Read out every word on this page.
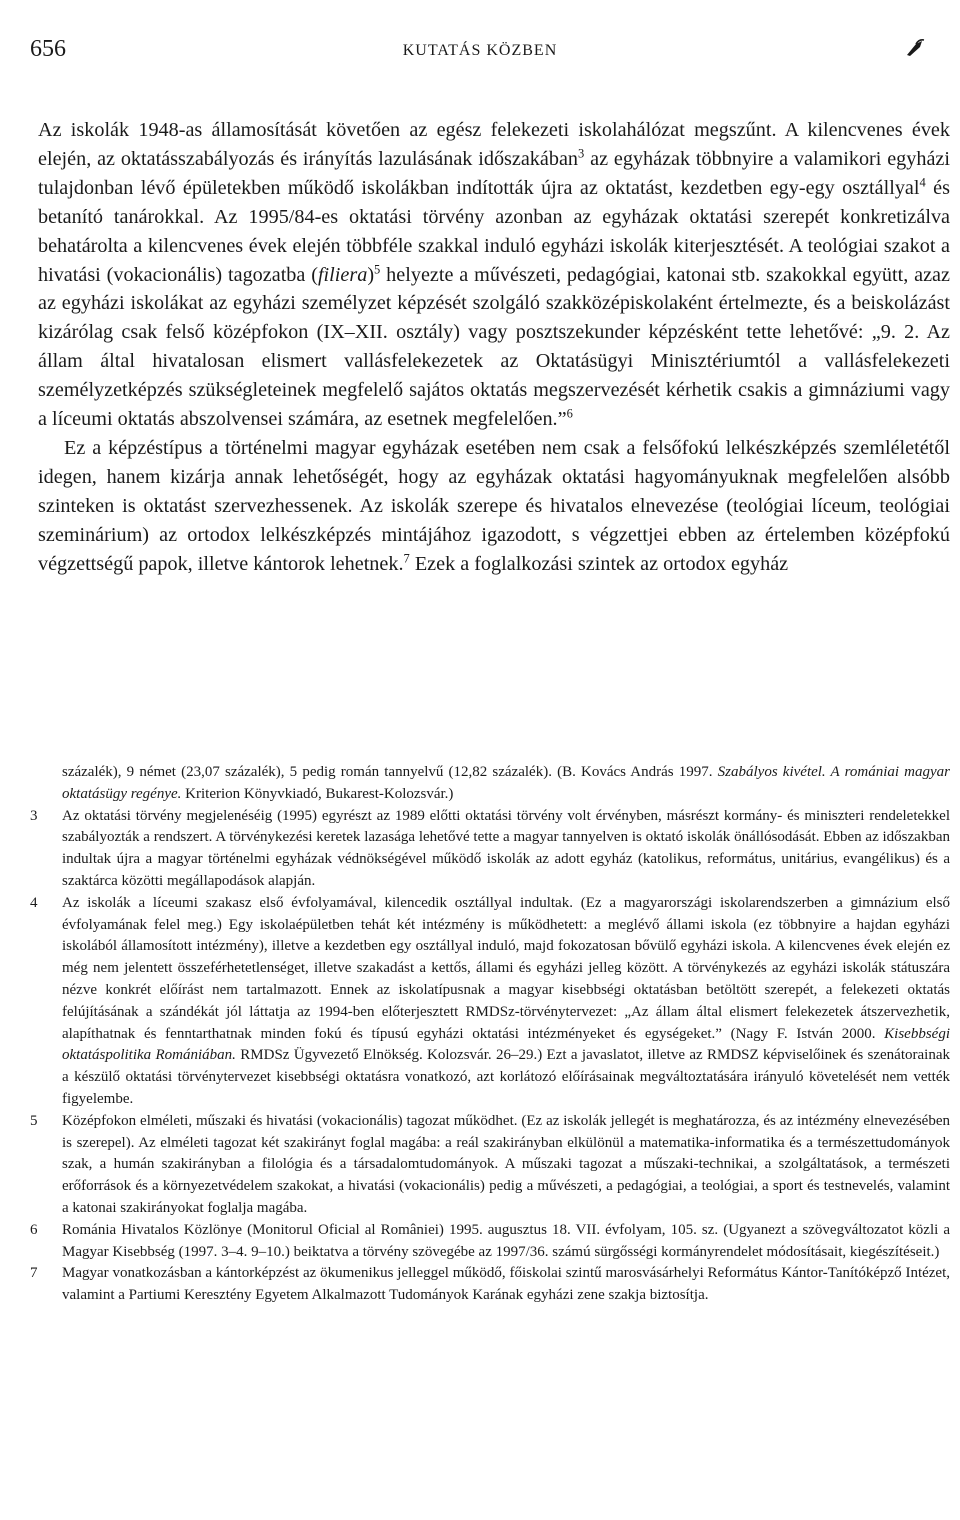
656	KUTATÁS KÖZBEN

Az iskolák 1948-as államosítását követően az egész felekezeti iskolahálózat megszűnt. A kilencvenes évek elején, az oktatásszabályozás és irányítás lazulásának időszakában$^3$ az egyházak többnyire a valamikori egyházi tulajdonban lévő épületekben működő iskolákban indították újra az oktatást, kezdetben egy-egy osztállyal$^4$ és betanító tanárokkal. Az 1995/84-es oktatási törvény azonban az egyházak oktatási szerepét konkretizálva behatárolta a kilencvenes évek elején többféle szakkal induló egyházi iskolák kiterjesztését. A teológiai szakot a hivatási (vokacionális) tagozatba (filiera)$^5$ helyezte a művészeti, pedagógiai, katonai stb. szakokkal együtt, azaz az egyházi iskolákat az egyházi személyzet képzését szolgáló szakközépiskolaként értelmezte, és a beiskolázást kizárólag csak felső középfokon (IX–XII. osztály) vagy posztszekunder képzésként tette lehetővé: „9. 2. Az állam által hivatalosan elismert vallásfelekezetek az Oktatásügyi Minisztériumtól a vallásfelekezeti személyzetképzés szükségleteinek megfelelő sajátos oktatás megszervezését kérhetik csakis a gimnáziumi vagy a líceumi oktatás abszolvensei számára, az esetnek megfelelően.”$^6$

Ez a képzéstípus a történelmi magyar egyházak esetében nem csak a felsőfokú lelkészképzés szemléletétől idegen, hanem kizárja annak lehetőségét, hogy az egyházak oktatási hagyományuknak megfelelően alsóbb szinteken is oktatást szervezhessenek. Az iskolák szerepe és hivatalos elnevezése (teológiai líceum, teológiai szeminárium) az ortodox lelkészképzés mintájához igazodott, s végzettjei ebben az értelemben középfokú végzettségű papok, illetve kántorok lehetnek.$^7$ Ezek a foglalkozási szintek az ortodox egyház

százalék), 9 német (23,07 százalék), 5 pedig román tannyelvű (12,82 százalék). (B. Kovács András 1997. Szabályos kivétel. A romániai magyar oktatásügy regénye. Kriterion Könyvkiadó, Bukarest-Kolozsvár.)

3 Az oktatási törvény megjelenéséig (1995) egyrészt az 1989 előtti oktatási törvény volt érvényben, másrészt kormány- és miniszteri rendeletekkel szabályozták a rendszert. A törvénykezési keretek lazasága lehetővé tette a magyar tannyelven is oktató iskolák önállósodását. Ebben az időszakban indultak újra a magyar történelmi egyházak védnökségével működő iskolák az adott egyház (katolikus, református, unitárius, evangélikus) és a szaktárca közötti megállapodások alapján.

4 Az iskolák a líceumi szakasz első évfolyamával, kilencedik osztállyal indultak. (Ez a magyarországi iskolarendszerben a gimnázium első évfolyamának felel meg.) Egy iskolaépületben tehát két intézmény is működhetett: a meglévő állami iskola (ez többnyire a hajdan egyházi iskolából államosított intézmény), illetve a kezdetben egy osztállyal induló, majd fokozatosan bővülő egyházi iskola. A kilencvenes évek elején ez még nem jelentett összeférhetetlenséget, illetve szakadást a kettős, állami és egyházi jelleg között. A törvénykezés az egyházi iskolák státuszára nézve konkrét előírást nem tartalmazott. Ennek az iskolatípusnak a magyar kisebbségi oktatásban betöltött szerepét, a felekezeti oktatás felújításának a szándékát jól láttatja az 1994-ben előterjesztett RMDSz-törvénytervezet: „Az állam által elismert felekezetek átszervezhetik, alapíthatnak és fenntarthatnak minden fokú és típusú egyházi oktatási intézményeket és egységeket.” (Nagy F. István 2000. Kisebbségi oktatáspolitika Romániában. RMDSz Ügyvezető Elnökség. Kolozsvár. 26–29.) Ezt a javaslatot, illetve az RMDSZ képviselőinek és szenátorainak a készülő oktatási törvénytervezet kisebbségi oktatásra vonatkozó, azt korlátozó előírásainak megváltoztatására irányuló követelését nem vették figyelembe.

5 Középfokon elméleti, műszaki és hivatási (vokacionális) tagozat működhet. (Ez az iskolák jellegét is meghatározza, és az intézmény elnevezésében is szerepel). Az elméleti tagozat két szakirányt foglal magába: a reál szakirányban elkülönül a matematika-informatika és a természettudományok szak, a humán szakirányban a filológia és a társadalomtudományok. A műszaki tagozat a műszaki-technikai, a szolgáltatások, a természeti erőforrások és a környezetvédelem szakokat, a hivatási (vokacionális) pedig a művészeti, a pedagógiai, a teológiai, a sport és testnevelés, valamint a katonai szakirányokat foglalja magába.

6 Románia Hivatalos Közlönye (Monitorul Oficial al României) 1995. augusztus 18. VII. évfolyam, 105. sz. (Ugyanezt a szövegváltozatot közli a Magyar Kisebbség (1997. 3–4. 9–10.) beiktatva a törvény szövegébe az 1997/36. számú sürgősségi kormányrendelet módosításait, kiegészítéseit.)

7 Magyar vonatkozásban a kántorképzést az ökumenikus jelleggel működő, főiskolai szintű marosvásárhelyi Református Kántor-Tanítóképző Intézet, valamint a Partiumi Keresztény Egyetem Alkalmazott Tudományok Karának egyházi zene szakja biztosítja.
